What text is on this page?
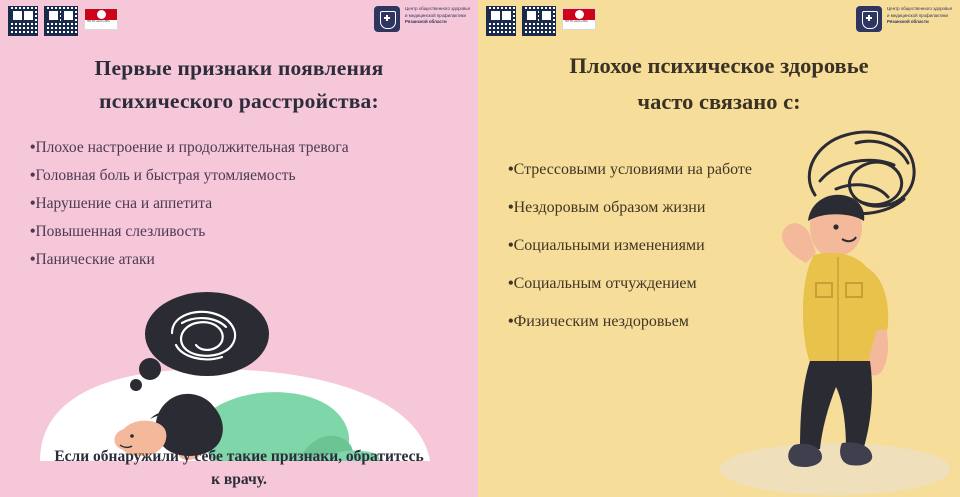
ГБУ РО «ЦОЗ и МП»
Центр общественного здоровья
и медицинской профилактики
Рязанской области
Первые признаки появления
психического расстройства:
•Плохое настроение и продолжительная тревога
•Головная боль и быстрая утомляемость
•Нарушение сна и аппетита
•Повышенная слезливость
•Панические атаки
Если обнаружили у себе такие признаки, обратитесь
к врачу.
ГБУ РО «ЦОЗ и МП»
Центр общественного здоровья
и медицинской профилактики
Рязанской области
Плохое психическое здоровье
часто связано с:
•Стрессовыми условиями на работе
•Нездоровым образом жизни
•Социальными изменениями
•Социальным отчуждением
•Физическим нездоровьем
